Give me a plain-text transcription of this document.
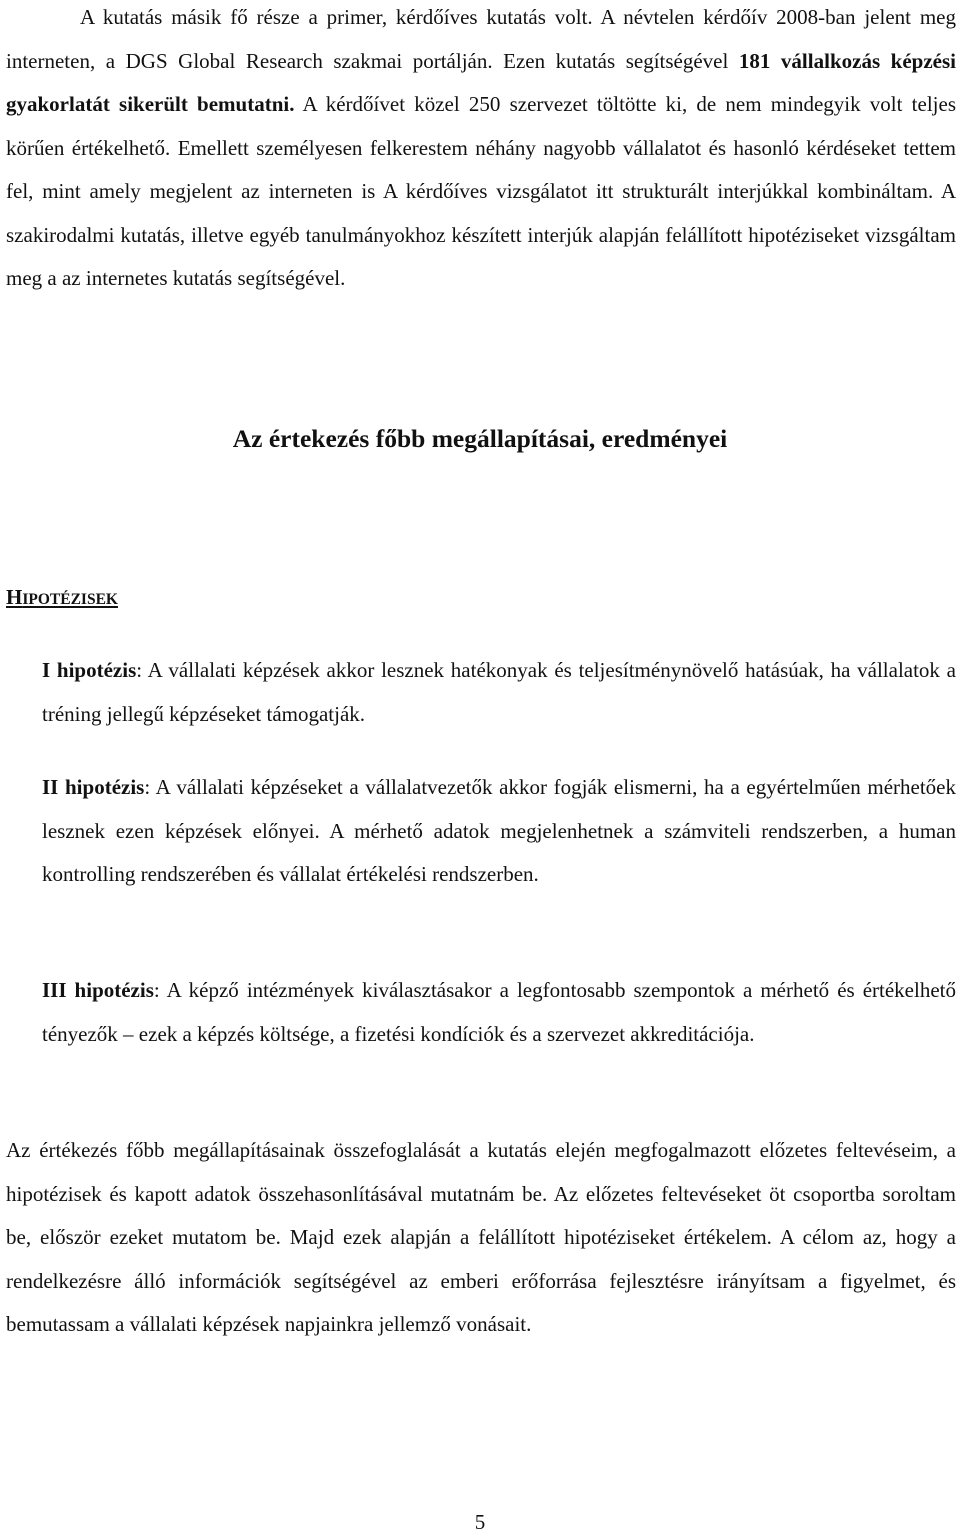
A kutatás másik fő része a primer, kérdőíves kutatás volt. A névtelen kérdőív 2008-ban jelent meg interneten, a DGS Global Research szakmai portálján. Ezen kutatás segítségével 181 vállalkozás képzési gyakorlatát sikerült bemutatni. A kérdőívet közel 250 szervezet töltötte ki, de nem mindegyik volt teljes körűen értékelhető. Emellett személyesen felkerestem néhány nagyobb vállalatot és hasonló kérdéseket tettem fel, mint amely megjelent az interneten is A kérdőíves vizsgálatot itt strukturált interjúkkal kombináltam. A szakirodalmi kutatás, illetve egyéb tanulmányokhoz készített interjúk alapján felállított hipotéziseket vizsgáltam meg a az internetes kutatás segítségével.

Az értekezés főbb megállapításai, eredményei
HIPOTÉZISEK

I hipotézis: A vállalati képzések akkor lesznek hatékonyak és teljesítménynövelő hatásúak, ha vállalatok a tréning jellegű képzéseket támogatják.

II hipotézis: A vállalati képzéseket a vállalatvezetők akkor fogják elismerni, ha a egyértelműen mérhetőek lesznek ezen képzések előnyei. A mérhető adatok megjelenhetnek a számviteli rendszerben, a human kontrolling rendszerében és vállalat értékelési rendszerben.

III hipotézis: A képző intézmények kiválasztásakor a legfontosabb szempontok a mérhető és értékelhető tényezők – ezek a képzés költsége, a fizetési kondíciók és a szervezet akkreditációja.

Az értékezés főbb megállapításainak összefoglalását a kutatás elején megfogalmazott előzetes feltevéseim, a hipotézisek és kapott adatok összehasonlításával mutatnám be. Az előzetes feltevéseket öt csoportba soroltam be, először ezeket mutatom be. Majd ezek alapján a felállított hipotéziseket értékelem. A célom az, hogy a rendelkezésre álló információk segítségével az emberi erőforrása fejlesztésre irányítsam a figyelmet, és bemutassam a vállalati képzések napjainkra jellemző vonásait.

5
